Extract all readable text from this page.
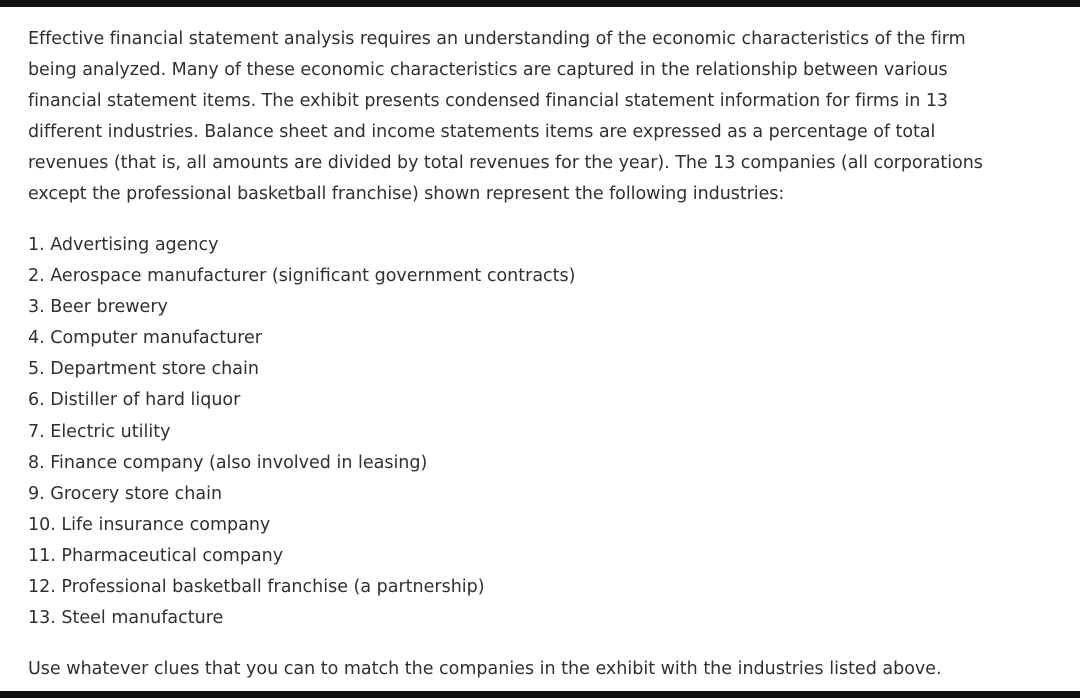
Effective financial statement analysis requires an understanding of the economic characteristics of the firm
being analyzed. Many of these economic characteristics are captured in the relationship between various
financial statement items. The exhibit presents condensed financial statement information for firms in 13
different industries. Balance sheet and income statements items are expressed as a percentage of total
revenues (that is, all amounts are divided by total revenues for the year). The 13 companies (all corporations
except the professional basketball franchise) shown represent the following industries:

1. Advertising agency
2. Aerospace manufacturer (significant government contracts)
3. Beer brewery
4. Computer manufacturer
5. Department store chain
6. Distiller of hard liquor
7. Electric utility
8. Finance company (also involved in leasing)
9. Grocery store chain
10. Life insurance company
11. Pharmaceutical company
12. Professional basketball franchise (a partnership)
13. Steel manufacture

Use whatever clues that you can to match the companies in the exhibit with the industries listed above.
